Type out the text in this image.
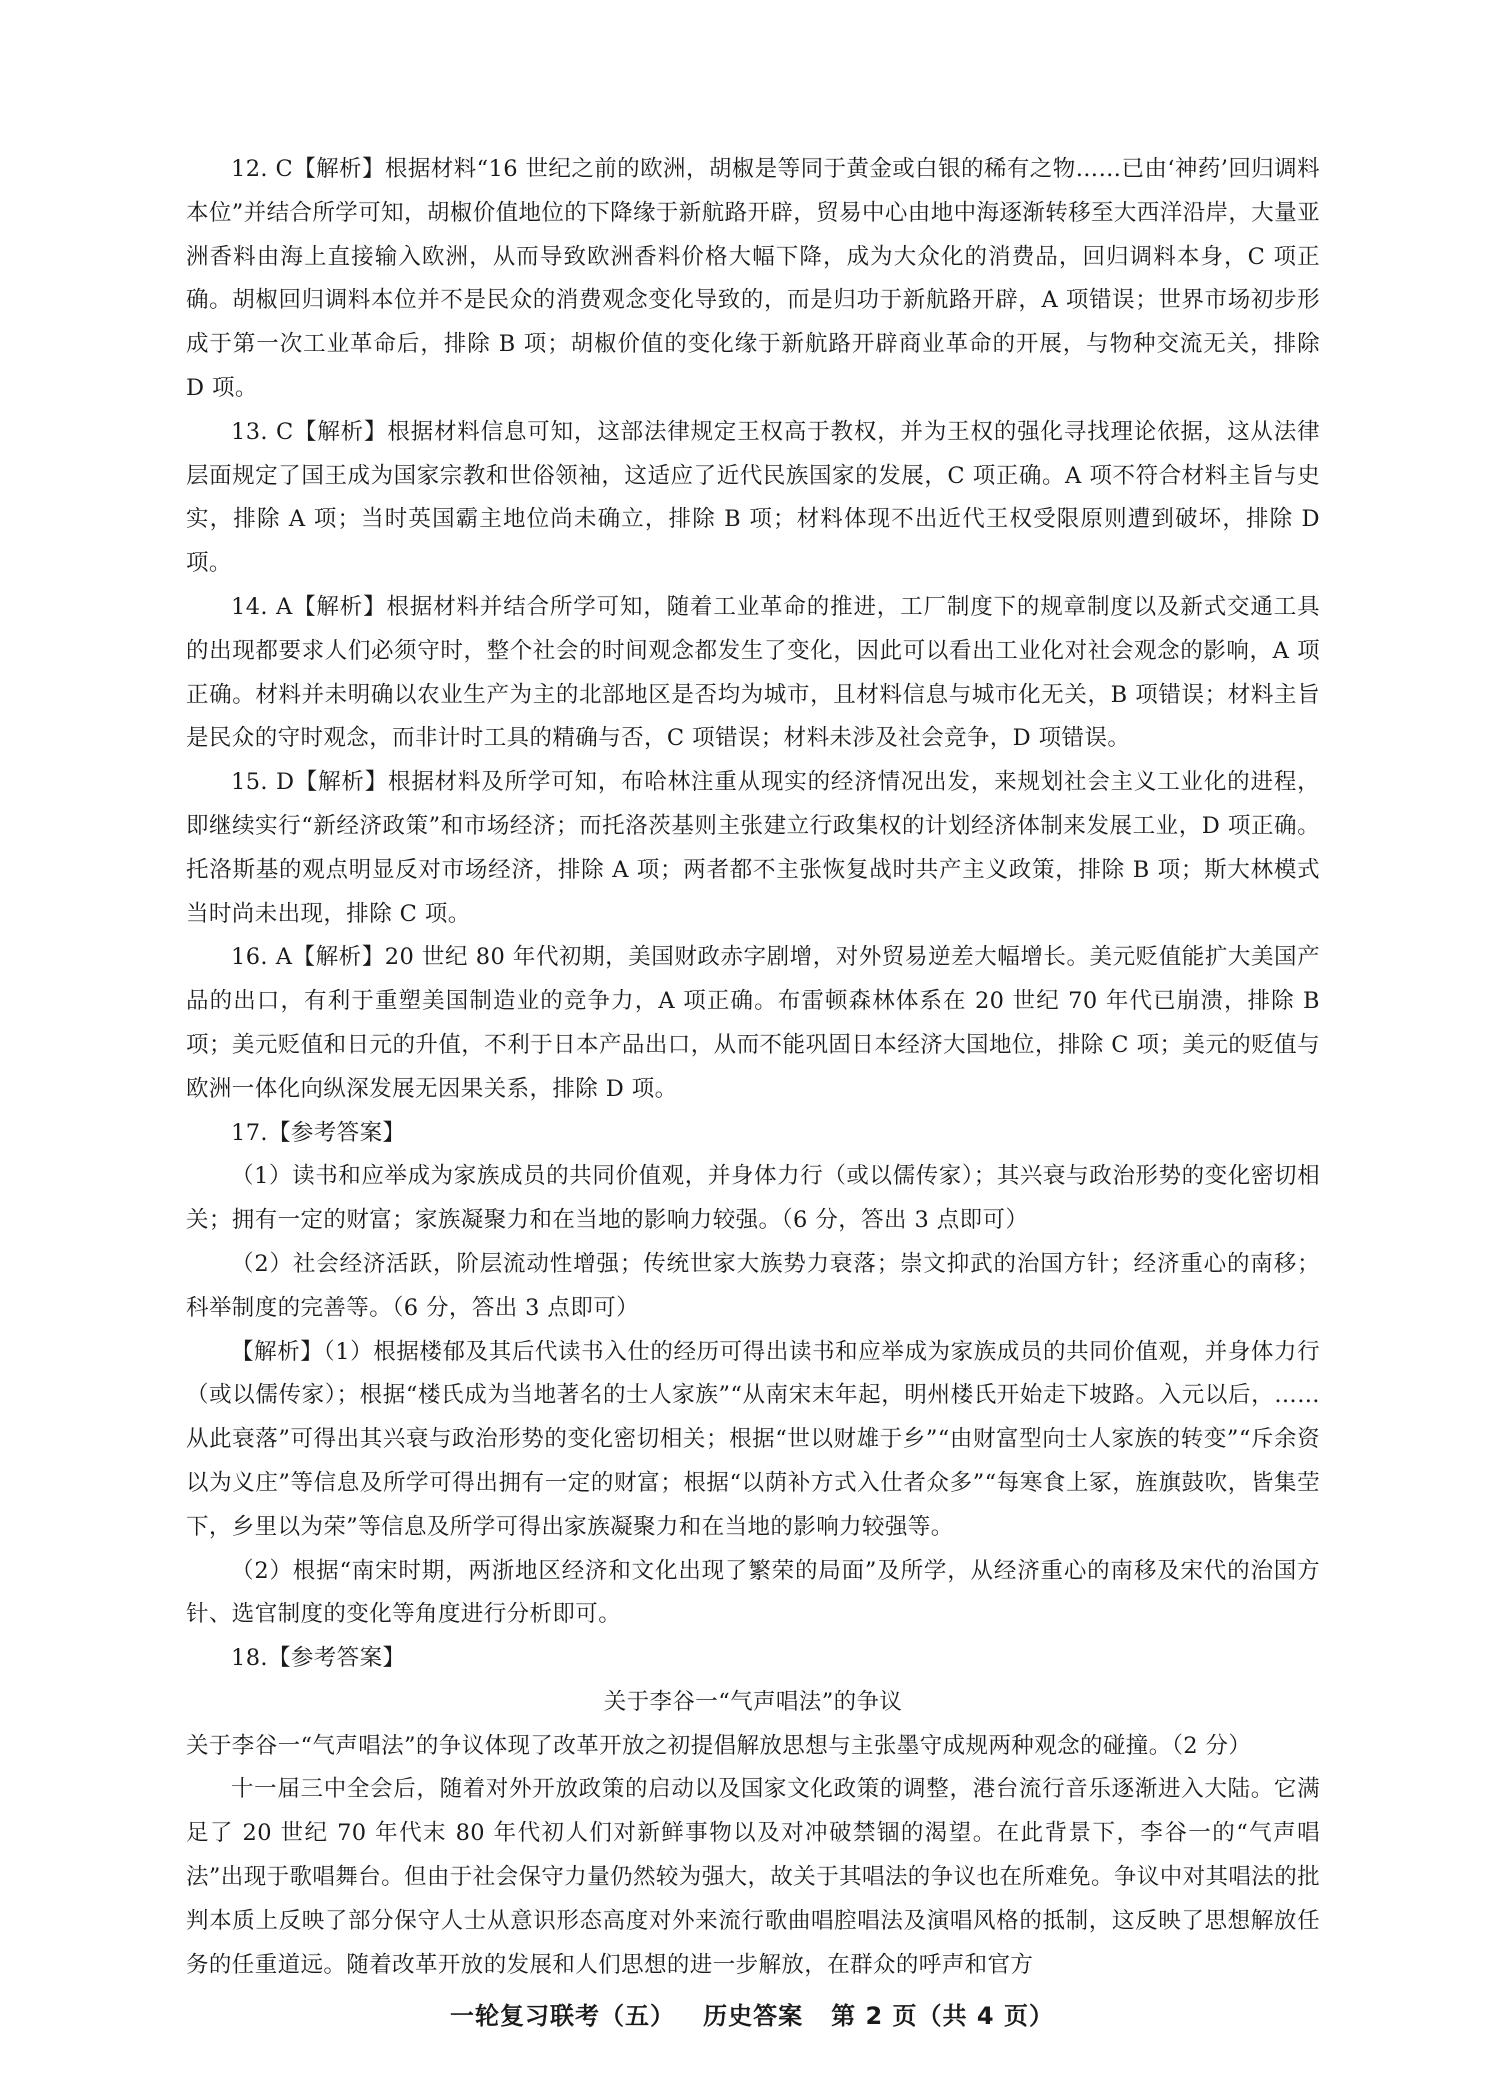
12. C【解析】根据材料“16 世纪之前的欧洲，胡椒是等同于黄金或白银的稀有之物……已由‘神药’回归调料本位”并结合所学可知，胡椒价值地位的下降缘于新航路开辟，贸易中心由地中海逐渐转移至大西洋沿岸，大量亚洲香料由海上直接输入欧洲，从而导致欧洲香料价格大幅下降，成为大众化的消费品，回归调料本身，C 项正确。胡椒回归调料本位并不是民众的消费观念变化导致的，而是归功于新航路开辟，A 项错误；世界市场初步形成于第一次工业革命后，排除 B 项；胡椒价值的变化缘于新航路开辟商业革命的开展，与物种交流无关，排除 D 项。

13. C【解析】根据材料信息可知，这部法律规定王权高于教权，并为王权的强化寻找理论依据，这从法律层面规定了国王成为国家宗教和世俗领袖，这适应了近代民族国家的发展，C 项正确。A 项不符合材料主旨与史实，排除 A 项；当时英国霸主地位尚未确立，排除 B 项；材料体现不出近代王权受限原则遭到破坏，排除 D 项。

14. A【解析】根据材料并结合所学可知，随着工业革命的推进，工厂制度下的规章制度以及新式交通工具的出现都要求人们必须守时，整个社会的时间观念都发生了变化，因此可以看出工业化对社会观念的影响，A 项正确。材料并未明确以农业生产为主的北部地区是否均为城市，且材料信息与城市化无关，B 项错误；材料主旨是民众的守时观念，而非计时工具的精确与否，C 项错误；材料未涉及社会竞争，D 项错误。

15. D【解析】根据材料及所学可知，布哈林注重从现实的经济情况出发，来规划社会主义工业化的进程，即继续实行“新经济政策”和市场经济；而托洛茨基则主张建立行政集权的计划经济体制来发展工业，D 项正确。托洛斯基的观点明显反对市场经济，排除 A 项；两者都不主张恢复战时共产主义政策，排除 B 项；斯大林模式当时尚未出现，排除 C 项。

16. A【解析】20 世纪 80 年代初期，美国财政赤字剧增，对外贸易逆差大幅增长。美元贬值能扩大美国产品的出口，有利于重塑美国制造业的竞争力，A 项正确。布雷顿森林体系在 20 世纪 70 年代已崩溃，排除 B 项；美元贬值和日元的升值，不利于日本产品出口，从而不能巩固日本经济大国地位，排除 C 项；美元的贬值与欧洲一体化向纵深发展无因果关系，排除 D 项。

17.【参考答案】

（1）读书和应举成为家族成员的共同价值观，并身体力行（或以儒传家）；其兴衰与政治形势的变化密切相关；拥有一定的财富；家族凝聚力和在当地的影响力较强。（6 分，答出 3 点即可）

（2）社会经济活跃，阶层流动性增强；传统世家大族势力衰落；崇文抑武的治国方针；经济重心的南移；科举制度的完善等。（6 分，答出 3 点即可）

【解析】（1）根据楼郁及其后代读书入仕的经历可得出读书和应举成为家族成员的共同价值观，并身体力行（或以儒传家）；根据“楼氏成为当地著名的士人家族”“从南宋末年起，明州楼氏开始走下坡路。入元以后，……从此衰落”可得出其兴衰与政治形势的变化密切相关；根据“世以财雄于乡”“由财富型向士人家族的转变”“斥余资以为义庄”等信息及所学可得出拥有一定的财富；根据“以荫补方式入仕者众多”“每寒食上冢，旌旗鼓吹，皆集茔下，乡里以为荣”等信息及所学可得出家族凝聚力和在当地的影响力较强等。

（2）根据“南宋时期，两浙地区经济和文化出现了繁荣的局面”及所学，从经济重心的南移及宋代的治国方针、选官制度的变化等角度进行分析即可。

18.【参考答案】

关于李谷一“气声唱法”的争议

关于李谷一“气声唱法”的争议体现了改革开放之初提倡解放思想与主张墨守成规两种观念的碰撞。（2 分）

十一届三中全会后，随着对外开放政策的启动以及国家文化政策的调整，港台流行音乐逐渐进入大陆。它满足了 20 世纪 70 年代末 80 年代初人们对新鲜事物以及对冲破禁锢的渴望。在此背景下，李谷一的“气声唱法”出现于歌唱舞台。但由于社会保守力量仍然较为强大，故关于其唱法的争议也在所难免。争议中对其唱法的批判本质上反映了部分保守人士从意识形态高度对外来流行歌曲唱腔唱法及演唱风格的抵制，这反映了思想解放任务的任重道远。随着改革开放的发展和人们思想的进一步解放，在群众的呼声和官方

一轮复习联考（五）   历史答案   第 2 页（共 4 页）
